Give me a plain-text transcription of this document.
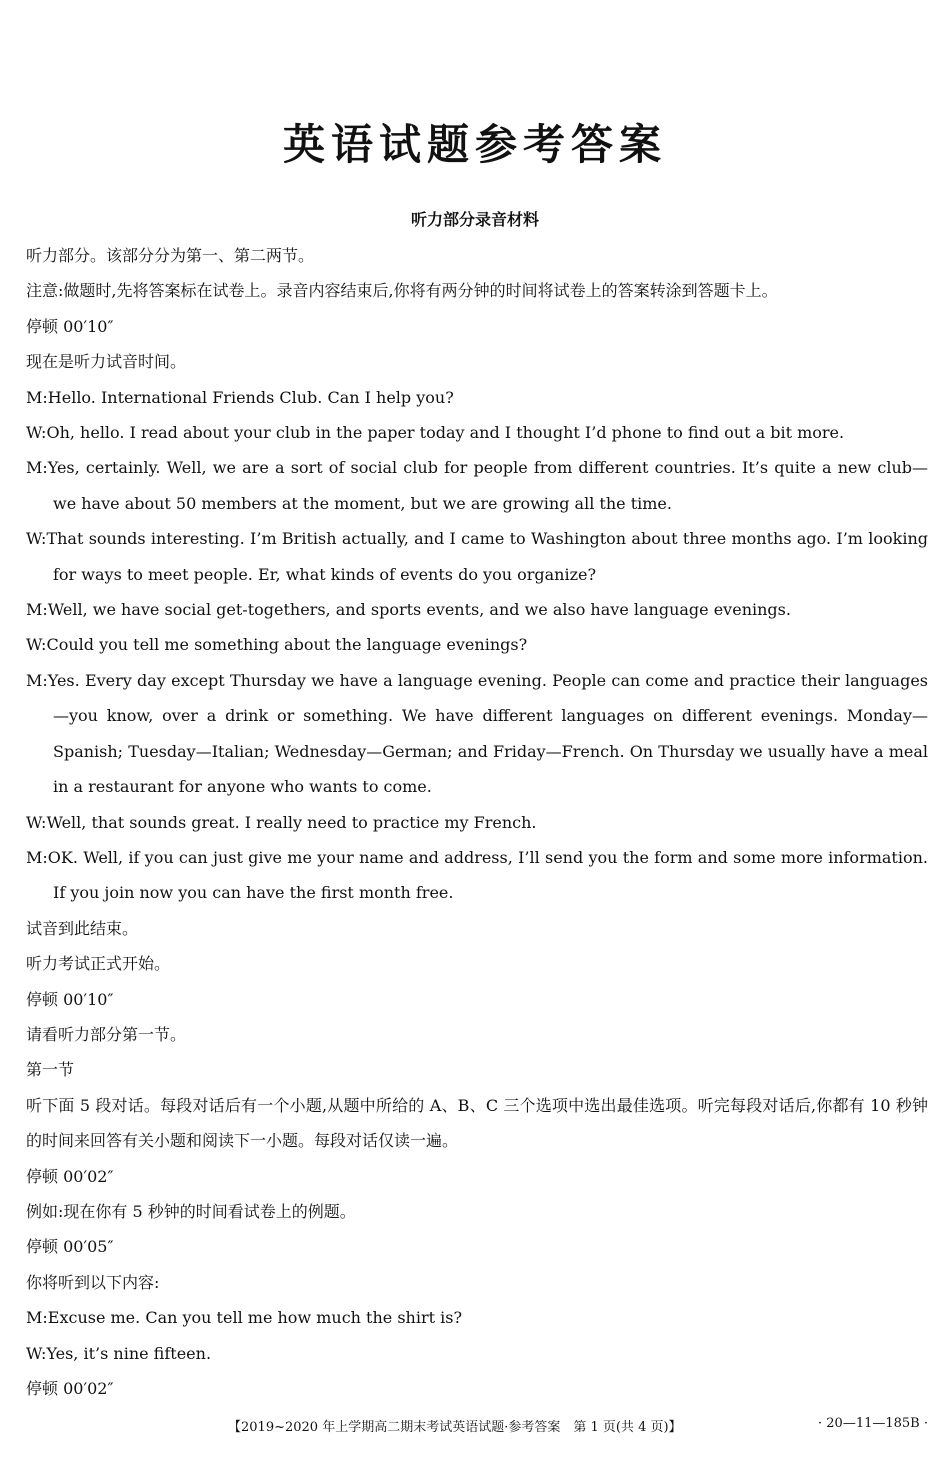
英语试题参考答案
听力部分录音材料
听力部分。该部分分为第一、第二两节。
注意:做题时,先将答案标在试卷上。录音内容结束后,你将有两分钟的时间将试卷上的答案转涂到答题卡上。
停顿 00′10″
现在是听力试音时间。
M:Hello. International Friends Club. Can I help you?
W:Oh, hello. I read about your club in the paper today and I thought I’d phone to find out a bit more.
M:Yes, certainly. Well, we are a sort of social club for people from different countries. It’s quite a new club—we have about 50 members at the moment, but we are growing all the time.
W:That sounds interesting. I’m British actually, and I came to Washington about three months ago. I’m looking for ways to meet people. Er, what kinds of events do you organize?
M:Well, we have social get-togethers, and sports events, and we also have language evenings.
W:Could you tell me something about the language evenings?
M:Yes. Every day except Thursday we have a language evening. People can come and practice their languages—you know, over a drink or something. We have different languages on different evenings. Monday—Spanish; Tuesday—Italian; Wednesday—German; and Friday—French. On Thursday we usually have a meal in a restaurant for anyone who wants to come.
W:Well, that sounds great. I really need to practice my French.
M:OK. Well, if you can just give me your name and address, I’ll send you the form and some more information. If you join now you can have the first month free.
试音到此结束。
听力考试正式开始。
停顿 00′10″
请看听力部分第一节。
第一节
听下面 5 段对话。每段对话后有一个小题,从题中所给的 A、B、C 三个选项中选出最佳选项。听完每段对话后,你都有 10 秒钟的时间来回答有关小题和阅读下一小题。每段对话仅读一遍。
停顿 00′02″
例如:现在你有 5 秒钟的时间看试卷上的例题。
停顿 00′05″
你将听到以下内容:
M:Excuse me. Can you tell me how much the shirt is?
W:Yes, it’s nine fifteen.
停顿 00′02″
【2019~2020 年上学期高二期末考试英语试题·参考答案　第 1 页(共 4 页)】	· 20—11—185B ·
